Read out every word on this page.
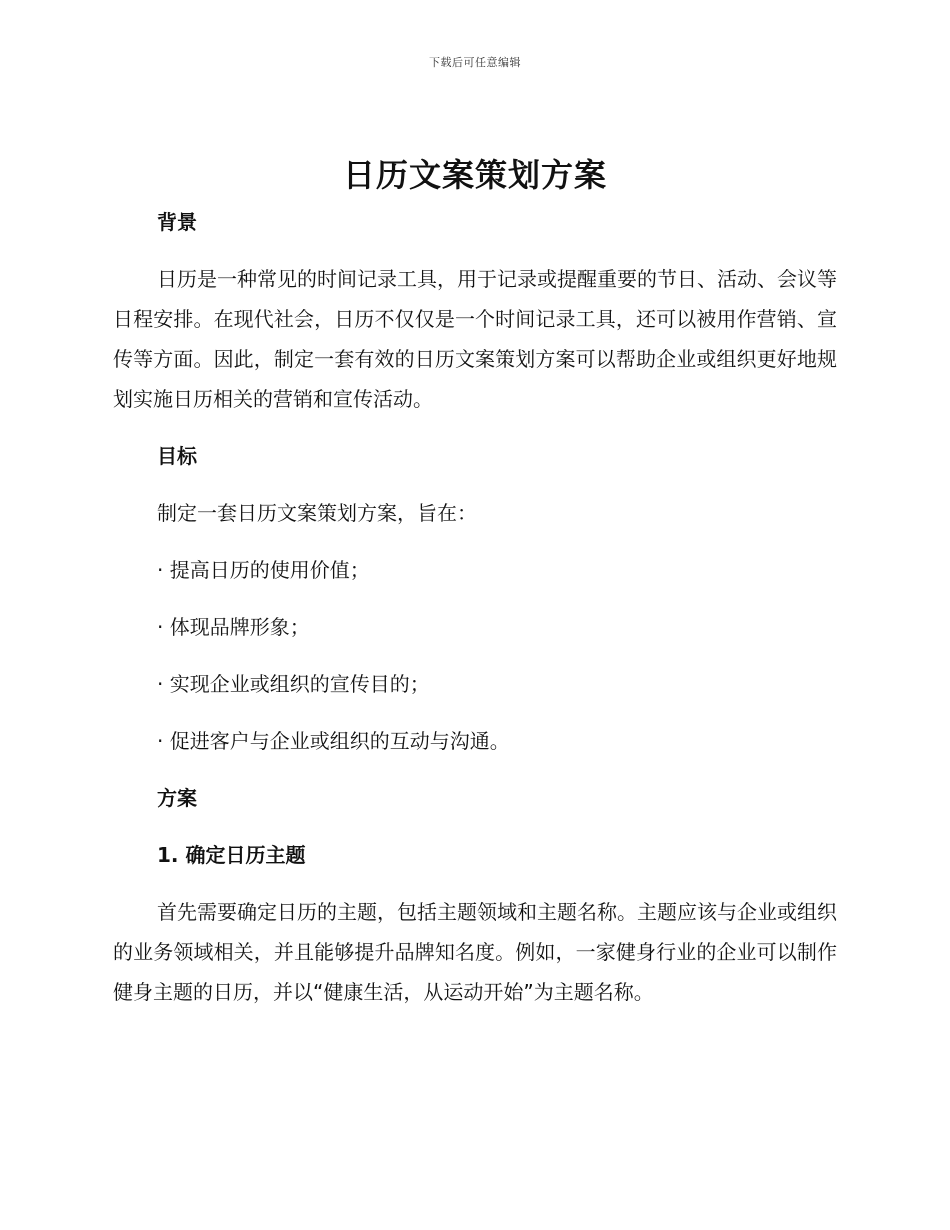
下载后可任意编辑
日历文案策划方案
背景

日历是一种常见的时间记录工具，用于记录或提醒重要的节日、活动、会议等日程安排。在现代社会，日历不仅仅是一个时间记录工具，还可以被用作营销、宣传等方面。因此，制定一套有效的日历文案策划方案可以帮助企业或组织更好地规划实施日历相关的营销和宣传活动。

目标
制定一套日历文案策划方案，旨在：
· 提高日历的使用价值；
· 体现品牌形象；
· 实现企业或组织的宣传目的；
· 促进客户与企业或组织的互动与沟通。
方案
1. 确定日历主题

首先需要确定日历的主题，包括主题领域和主题名称。主题应该与企业或组织的业务领域相关，并且能够提升品牌知名度。例如，一家健身行业的企业可以制作健身主题的日历，并以“健康生活，从运动开始”为主题名称。
